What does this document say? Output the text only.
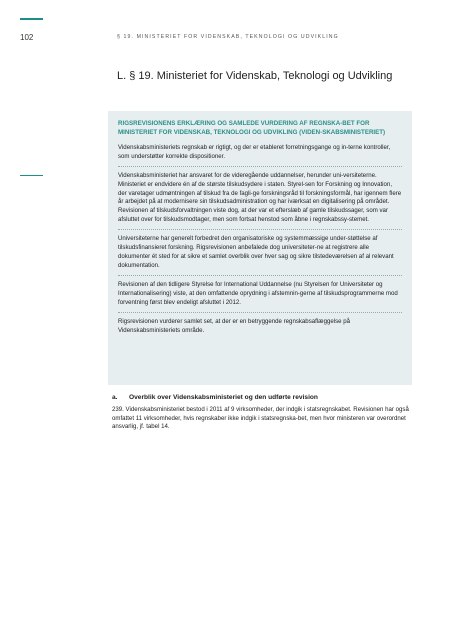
102	§ 19. MINISTERIET FOR VIDENSKAB, TEKNOLOGI OG UDVIKLING
L. § 19. Ministeriet for Videnskab, Teknologi og Udvikling
RIGSREVISIONENS ERKLÆRING OG SAMLEDE VURDERING AF REGNSKA-BET FOR MINISTERIET FOR VIDENSKAB, TEKNOLOGI OG UDVIKLING (VIDEN-SKABSMINISTERIET)

Videnskabsministeriets regnskab er rigtigt, og der er etableret forretningsgange og in-terne kontroller, som understøtter korrekte dispositioner.

Videnskabsministeriet har ansvaret for de videregående uddannelser, herunder uni-versiteterne. Ministeriet er endvidere én af de største tilskudsydere i staten. Styrel-sen for Forskning og Innovation, der varetager udmøntningen af tilskud fra de fagli-ge forskningsråd til forskningsformål, har igennem flere år arbejdet på at modernisere sin tilskudsadministration og har iværksat en digitalisering på området. Revisionen af tilskudsforvaltningen viste dog, at der var et efterslæb af gamle tilskudssager, som var afsluttet over for tilskudsmodtager, men som fortsat henstod som åbne i regnskabssy-stemet.

Universiteterne har generelt forbedret den organisatoriske og systemmæssige under-støttelse af tilskudsfinansieret forskning. Rigsrevisionen anbefalede dog universiteter-ne at registrere alle dokumenter ét sted for at sikre et samlet overblik over hver sag og sikre tilstedeværelsen af al relevant dokumentation.

Revisionen af den tidligere Styrelse for International Uddannelse (nu Styrelsen for Universiteter og Internationalisering) viste, at den omfattende oprydning i afstemnin-gerne af tilskudsprogrammerne mod forventning først blev endeligt afsluttet i 2012.

Rigsrevisionen vurderer samlet set, at der er en betryggende regnskabsaflæggelse på Videnskabsministeriets område.

a. Overblik over Videnskabsministeriet og den udførte revision

239. Videnskabsministeriet bestod i 2011 af 9 virksomheder, der indgik i statsregnskabet. Revisionen har også omfattet 11 virksomheder, hvis regnskaber ikke indgik i statsregnska-bet, men hvor ministeren var overordnet ansvarlig, jf. tabel 14.
